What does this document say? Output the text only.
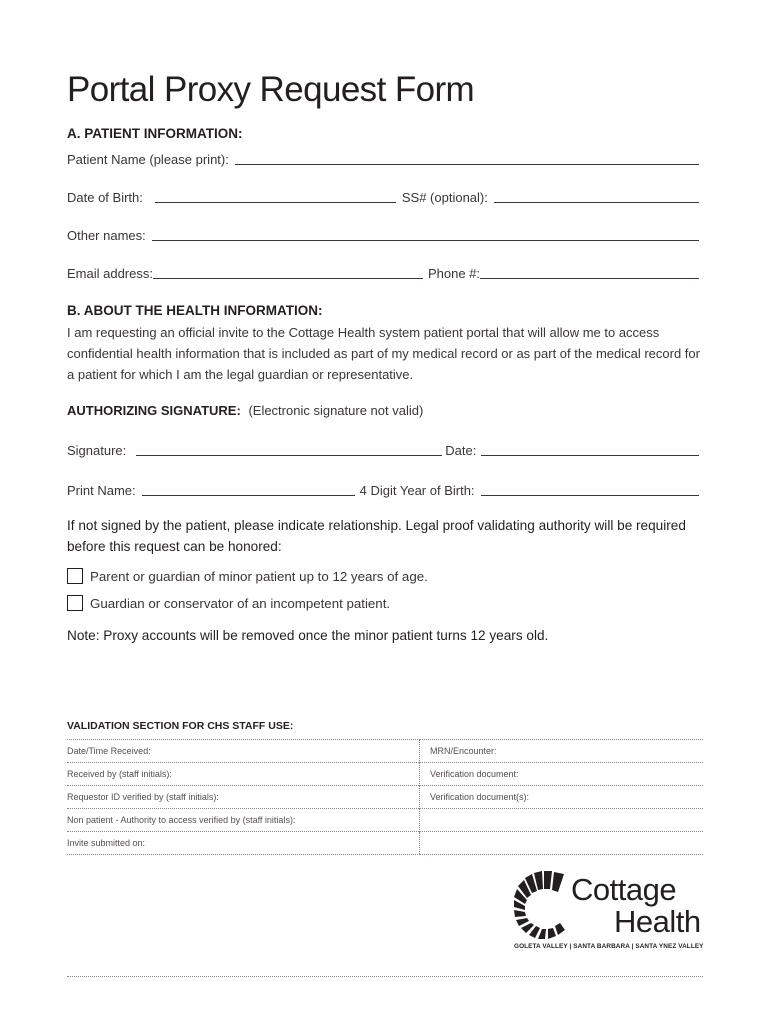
Portal Proxy Request Form
A. PATIENT INFORMATION:
Patient Name (please print):
Date of Birth:	SS# (optional):
Other names:
Email address:	Phone #:
B. ABOUT THE HEALTH INFORMATION:
I am requesting an official invite to the Cottage Health system patient portal that will allow me to access confidential health information that is included as part of my medical record or as part of the medical record for a patient for which I am the legal guardian or representative.
AUTHORIZING SIGNATURE: (Electronic signature not valid)
Signature:	Date:
Print Name:	4 Digit Year of Birth:
If not signed by the patient, please indicate relationship. Legal proof validating authority will be required before this request can be honored:
Parent or guardian of minor patient up to 12 years of age.
Guardian or conservator of an incompetent patient.
Note: Proxy accounts will be removed once the minor patient turns 12 years old.
VALIDATION SECTION FOR CHS STAFF USE:
Date/Time Received:	MRN/Encounter:
Received by (staff initials):	Verification document:
Requestor ID verified by (staff initials):	Verification document(s):
Non patient - Authority to access verified by (staff initials):	
Invite submitted on:	
Cottage
Health
GOLETA VALLEY | SANTA BARBARA | SANTA YNEZ VALLEY
